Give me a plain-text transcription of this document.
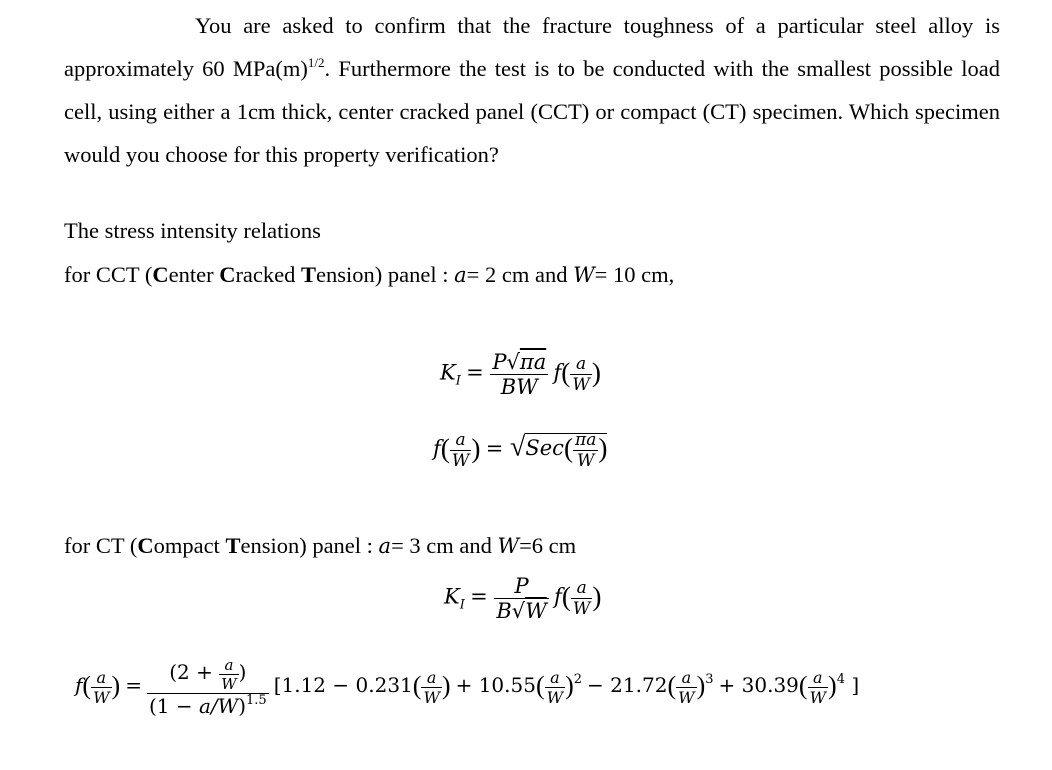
You are asked to confirm that the fracture toughness of a particular steel alloy is approximately 60 $MPa(m)^{1/2}$. Furthermore the test is to be conducted with the smallest possible load cell, using either a 1cm thick, center cracked panel (CCT) or compact (CT) specimen. Which specimen would you choose for this property verification?
The stress intensity relations
for CCT (Center Cracked Tension) panel : a= 2 cm and W= 10 cm,
$K_I = \frac{P√\pi a}{BW} f( \frac{a}{W}$ )
$f( \frac{a}{W}$ ) = $√Sec( \frac{\pi a}{W}$ )
for CT (Compact Tension) panel : a= 3 cm and W=6 cm
$K_I = \frac{P}{B√W} f( \frac{a}{W}$ )
$f( \frac{a}{W}$ ) = $\frac{(2 + \frac{a}{W} )}{(1 - a/W)^{1.5}} [1.12 - 0.231( \frac{a}{W}$ ) + $10.55( \frac{a}{W} )^2 - 21.72( \frac{a}{W} )^3 + 30.39( \frac{a}{W} )^4$ ]
